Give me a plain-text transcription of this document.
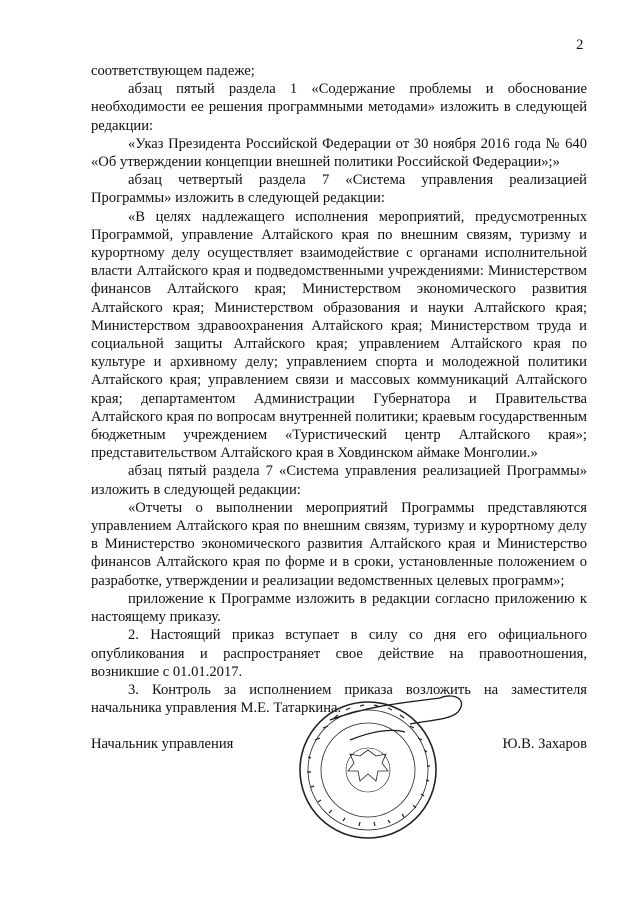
2

соответствующем падеже;

абзац пятый раздела 1 «Содержание проблемы и обоснование необходимости ее решения программными методами» изложить в следующей редакции:

«Указ Президента Российской Федерации от 30 ноября 2016 года № 640 «Об утверждении концепции внешней политики Российской Федерации»;»

абзац четвертый раздела 7 «Система управления реализацией Программы» изложить в следующей редакции:

«В целях надлежащего исполнения мероприятий, предусмотренных Программой, управление Алтайского края по внешним связям, туризму и курортному делу осуществляет взаимодействие с органами исполнительной власти Алтайского края и подведомственными учреждениями: Министерством финансов Алтайского края; Министерством экономического развития Алтайского края; Министерством образования и науки Алтайского края; Министерством здравоохранения Алтайского края; Министерством труда и социальной защиты Алтайского края; управлением Алтайского края по культуре и архивному делу; управлением спорта и молодежной политики Алтайского края; управлением связи и массовых коммуникаций Алтайского края; департаментом Администрации Губернатора и Правительства Алтайского края по вопросам внутренней политики; краевым государственным бюджетным учреждением «Туристический центр Алтайского края»; представительством Алтайского края в Ховдинском аймаке Монголии.»

абзац пятый раздела 7 «Система управления реализацией Программы» изложить в следующей редакции:

«Отчеты о выполнении мероприятий Программы представляются управлением Алтайского края по внешним связям, туризму и курортному делу в Министерство экономического развития Алтайского края и Министерство финансов Алтайского края по форме и в сроки, установленные положением о разработке, утверждении и реализации ведомственных целевых программ»;

приложение к Программе изложить в редакции согласно приложению к настоящему приказу.

2. Настоящий приказ вступает в силу со дня его официального опубликования и распространяет свое действие на правоотношения, возникшие с 01.01.2017.

3. Контроль за исполнением приказа возложить на заместителя начальника управления М.Е. Татаркина.

Начальник управления	Ю.В. Захаров
